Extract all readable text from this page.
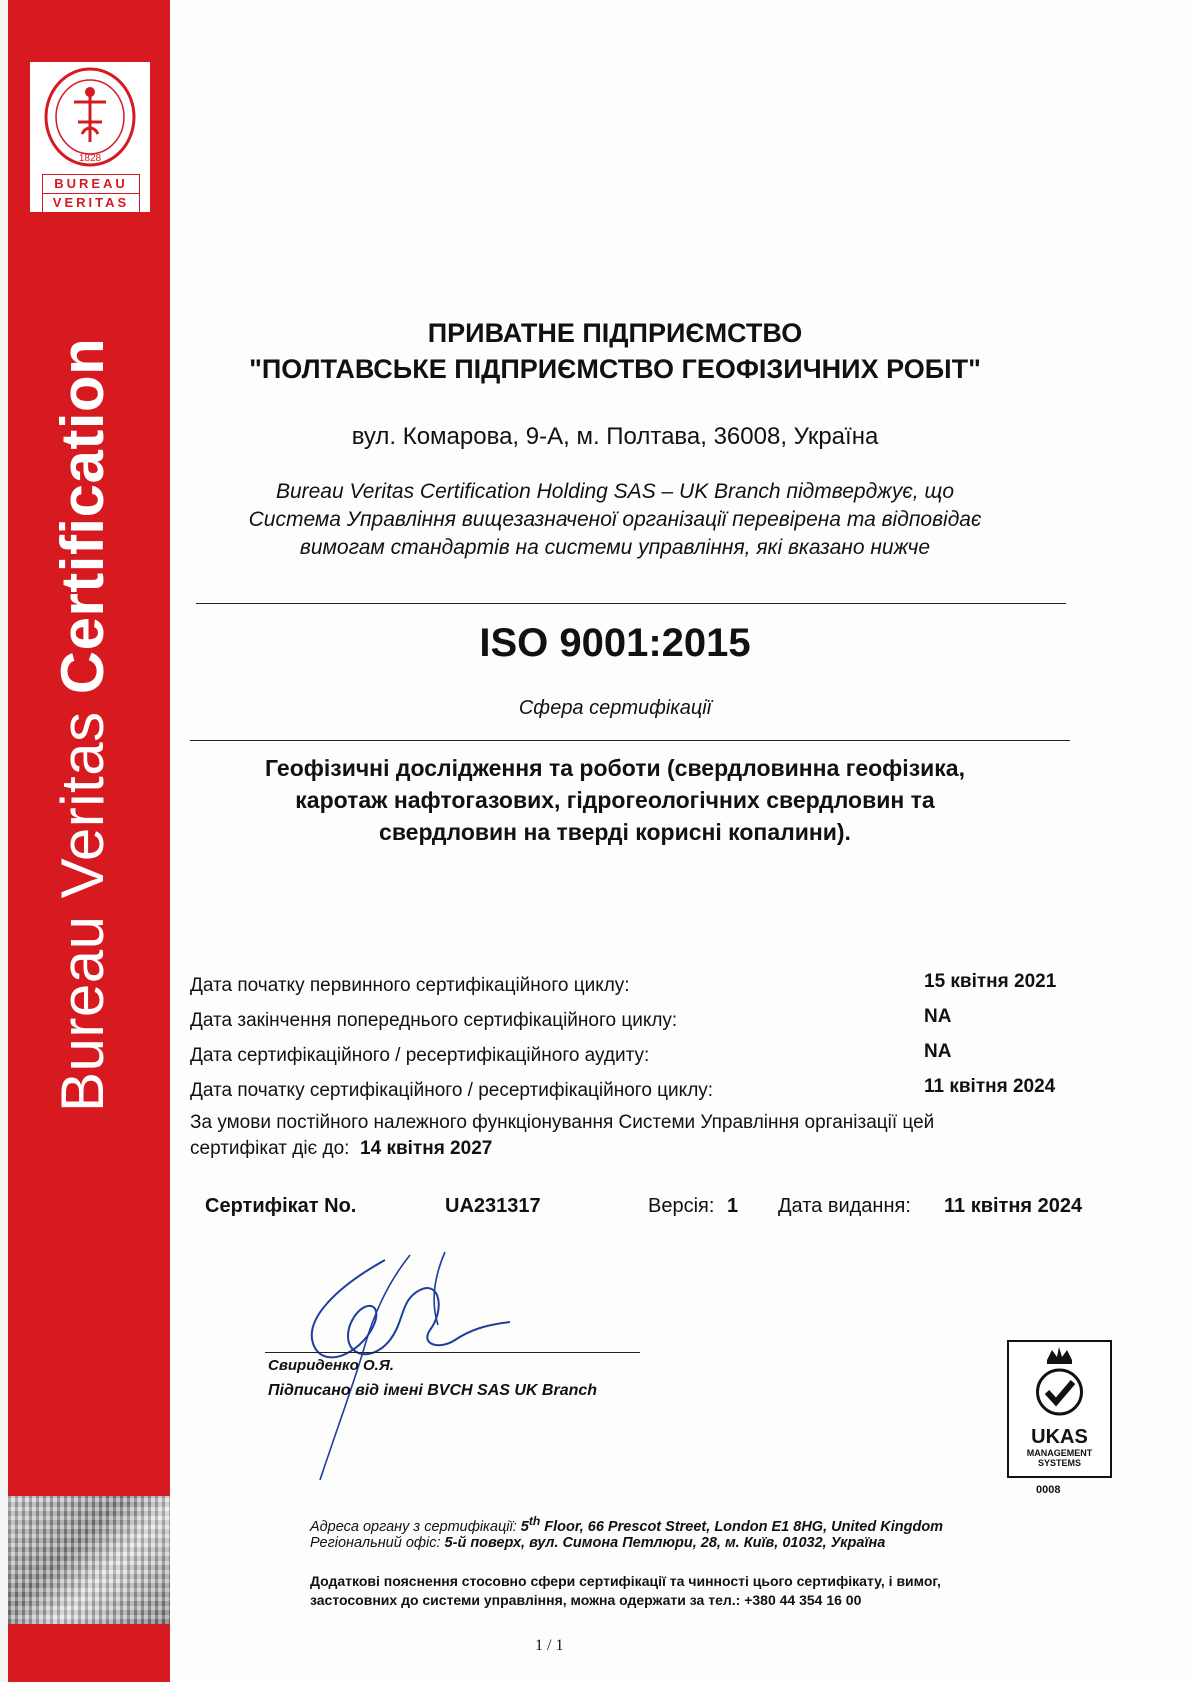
1828
BUREAU
VERITAS
Bureau Veritas Certification
ПРИВАТНЕ ПІДПРИЄМСТВО
"ПОЛТАВСЬКЕ ПІДПРИЄМСТВО ГЕОФІЗИЧНИХ РОБІТ"
вул. Комарова, 9-А, м. Полтава, 36008, Україна
Bureau Veritas Certification Holding SAS – UK Branch підтверджує, що
Система Управління вищезазначеної організації перевірена та відповідає
вимогам стандартів на системи управління, які вказано нижче
ISO 9001:2015
Сфера сертифікації
Геофізичні дослідження та роботи (свердловинна геофізика,
каротаж нафтогазових, гідрогеологічних свердловин та
свердловин на тверді корисні копалини).
Дата початку первинного сертифікаційного циклу:	15 квітня 2021
Дата закінчення попереднього сертифікаційного циклу:	NA
Дата сертифікаційного / ресертифікаційного аудиту:	NA
Дата початку сертифікаційного / ресертифікаційного циклу:	11 квітня 2024
За умови постійного належного функціонування Системи Управління організації цей
сертифікат діє до: 14 квітня 2027
Сертифікат No.	UA231317	Версія: 1 Дата видання: 11 квітня 2024
Свириденко О.Я.
Підписано від імені BVCH SAS UK Branch
UKAS
MANAGEMENT
SYSTEMS
0008
Адреса органу з сертифікації: 5th Floor, 66 Prescot Street, London E1 8HG, United Kingdom
Регіональний офіс: 5-й поверх, вул. Симона Петлюри, 28, м. Київ, 01032, Україна
Додаткові пояснення стосовно сфери сертифікації та чинності цього сертифікату, і вимог,
застосовних до системи управління, можна одержати за тел.: +380 44 354 16 00
1 / 1
